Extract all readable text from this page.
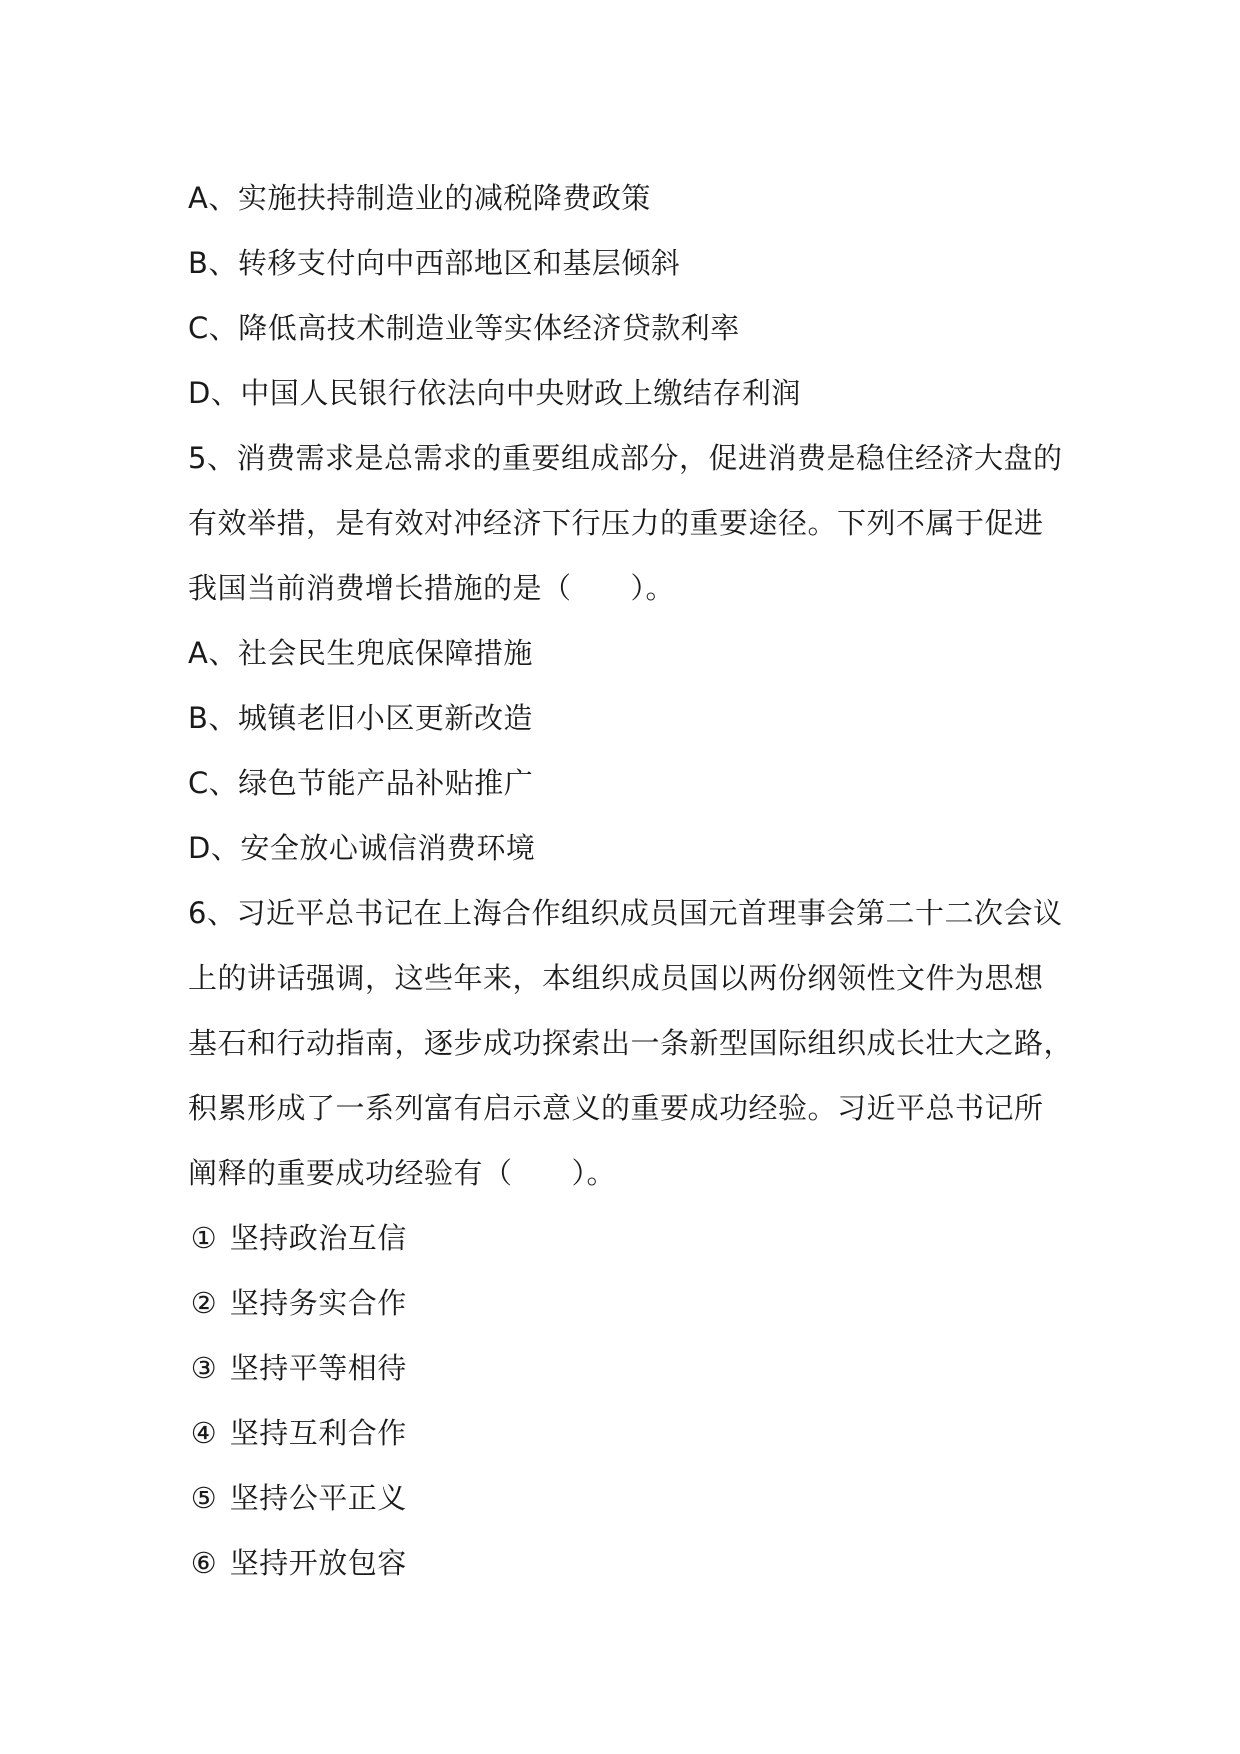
A、实施扶持制造业的减税降费政策
B、转移支付向中西部地区和基层倾斜
C、降低高技术制造业等实体经济贷款利率
D、中国人民银行依法向中央财政上缴结存利润
5、消费需求是总需求的重要组成部分，促进消费是稳住经济大盘的
有效举措，是有效对冲经济下行压力的重要途径。下列不属于促进
我国当前消费增长措施的是（　　）。
A、社会民生兜底保障措施
B、城镇老旧小区更新改造
C、绿色节能产品补贴推广
D、安全放心诚信消费环境
6、习近平总书记在上海合作组织成员国元首理事会第二十二次会议
上的讲话强调，这些年来，本组织成员国以两份纲领性文件为思想
基石和行动指南，逐步成功探索出一条新型国际组织成长壮大之路，
积累形成了一系列富有启示意义的重要成功经验。习近平总书记所
阐释的重要成功经验有（　　）。
① 坚持政治互信
② 坚持务实合作
③ 坚持平等相待
④ 坚持互利合作
⑤ 坚持公平正义
⑥ 坚持开放包容
